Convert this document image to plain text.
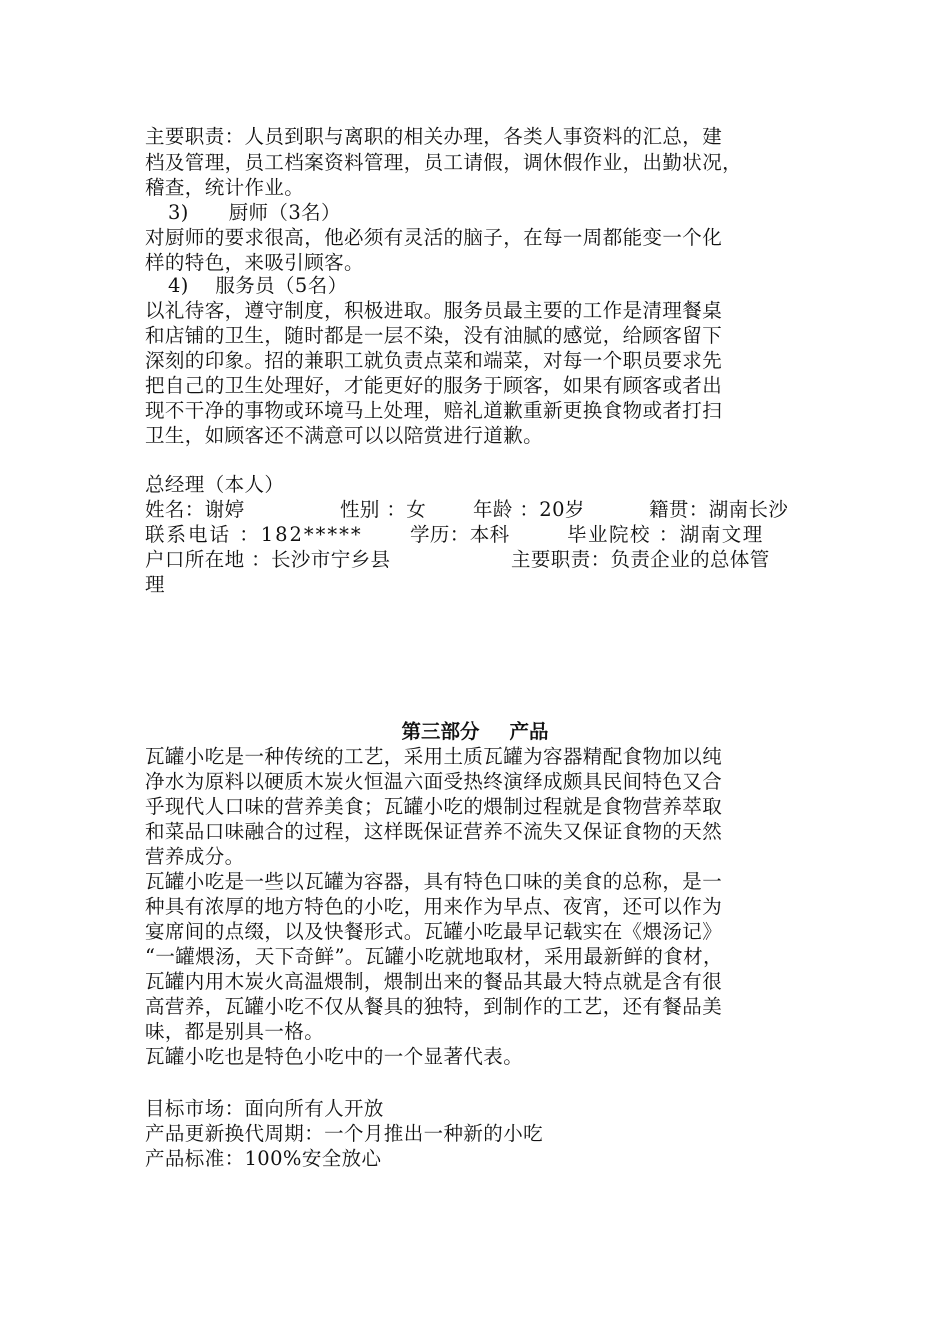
主要职责：人员到职与离职的相关办理，各类人事资料的汇总，建
档及管理，员工档案资料管理，员工请假，调休假作业，出勤状况，
稽查，统计作业。
3)　　厨师（3名）
对厨师的要求很高，他必须有灵活的脑子，在每一周都能变一个化
样的特色，来吸引顾客。
4)　 服务员（5名）
以礼待客，遵守制度，积极进取。服务员最主要的工作是清理餐桌
和店铺的卫生，随时都是一层不染，没有油腻的感觉，给顾客留下
深刻的印象。招的兼职工就负责点菜和端菜，对每一个职员要求先
把自己的卫生处理好，才能更好的服务于顾客，如果有顾客或者出
现不干净的事物或环境马上处理，赔礼道歉重新更换食物或者打扫
卫生，如顾客还不满意可以以陪赏进行道歉。
总经理（本人）
姓名：谢婷	性别 ：女 年龄 ：20岁	籍贯：湖南长沙
联系电话 ：182***** 学历：本科	毕业院校 ：湖南文理
户口所在地 ：长沙市宁乡县	主要职责：负责企业的总体管
理
第三部分 产品
瓦罐小吃是一种传统的工艺，采用土质瓦罐为容器精配食物加以纯
净水为原料以硬质木炭火恒温六面受热终演绎成颇具民间特色又合
乎现代人口味的营养美食；瓦罐小吃的煨制过程就是食物营养萃取
和菜品口味融合的过程，这样既保证营养不流失又保证食物的天然
营养成分。
瓦罐小吃是一些以瓦罐为容器，具有特色口味的美食的总称，是一
种具有浓厚的地方特色的小吃，用来作为早点、夜宵，还可以作为
宴席间的点缀，以及快餐形式。瓦罐小吃最早记载实在《煨汤记》
“一罐煨汤，天下奇鲜”。瓦罐小吃就地取材，采用最新鲜的食材，
瓦罐内用木炭火高温煨制，煨制出来的餐品其最大特点就是含有很
高营养，瓦罐小吃不仅从餐具的独特，到制作的工艺，还有餐品美
味，都是别具一格。
瓦罐小吃也是特色小吃中的一个显著代表。
目标市场：面向所有人开放
产品更新换代周期：一个月推出一种新的小吃
产品标准：100%安全放心
